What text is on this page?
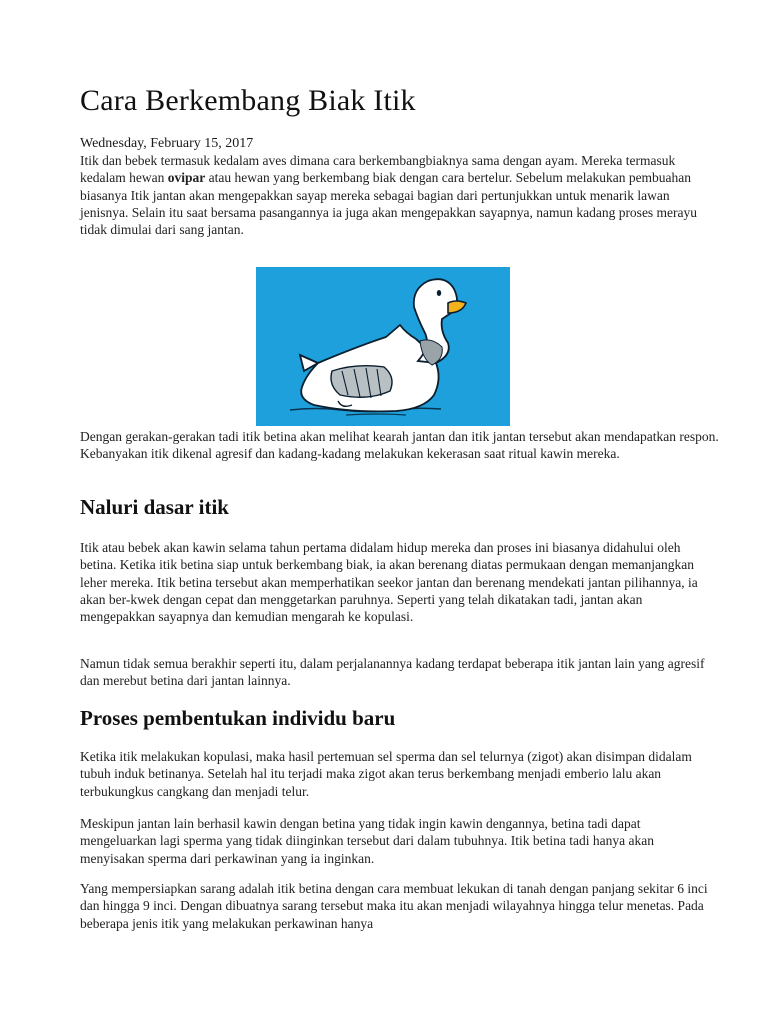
Cara Berkembang Biak Itik
Wednesday, February 15, 2017

Itik dan bebek termasuk kedalam aves dimana cara berkembangbiaknya sama dengan ayam. Mereka termasuk kedalam hewan ovipar atau hewan yang berkembang biak dengan cara bertelur. Sebelum melakukan pembuahan biasanya Itik jantan akan mengepakkan sayap mereka sebagai bagian dari pertunjukkan untuk menarik lawan jenisnya. Selain itu saat bersama pasangannya ia juga akan mengepakkan sayapnya, namun kadang proses merayu tidak dimulai dari sang jantan.

Dengan gerakan-gerakan tadi itik betina akan melihat kearah jantan dan itik jantan tersebut akan mendapatkan respon. Kebanyakan itik dikenal agresif dan kadang-kadang melakukan kekerasan saat ritual kawin mereka.

Naluri dasar itik

Itik atau bebek akan kawin selama tahun pertama didalam hidup mereka dan proses ini biasanya didahului oleh betina. Ketika itik betina siap untuk berkembang biak, ia akan berenang diatas permukaan dengan memanjangkan leher mereka. Itik betina tersebut akan memperhatikan seekor jantan dan berenang mendekati jantan pilihannya, ia akan ber-kwek dengan cepat dan menggetarkan paruhnya. Seperti yang telah dikatakan tadi, jantan akan mengepakkan sayapnya dan kemudian mengarah ke kopulasi.

Namun tidak semua berakhir seperti itu, dalam perjalanannya kadang terdapat beberapa itik jantan lain yang agresif dan merebut betina dari jantan lainnya.

Proses pembentukan individu baru

Ketika itik melakukan kopulasi, maka hasil pertemuan sel sperma dan sel telurnya (zigot) akan disimpan didalam tubuh induk betinanya. Setelah hal itu terjadi maka zigot akan terus berkembang menjadi emberio lalu akan terbukungkus cangkang dan menjadi telur.

Meskipun jantan lain berhasil kawin dengan betina yang tidak ingin kawin dengannya, betina tadi dapat mengeluarkan lagi sperma yang tidak diinginkan tersebut dari dalam tubuhnya. Itik betina tadi hanya akan menyisakan sperma dari perkawinan yang ia inginkan.

Yang mempersiapkan sarang adalah itik betina dengan cara membuat lekukan di tanah dengan panjang sekitar 6 inci dan hingga 9 inci. Dengan dibuatnya sarang tersebut maka itu akan menjadi wilayahnya hingga telur menetas. Pada beberapa jenis itik yang melakukan perkawinan hanya
